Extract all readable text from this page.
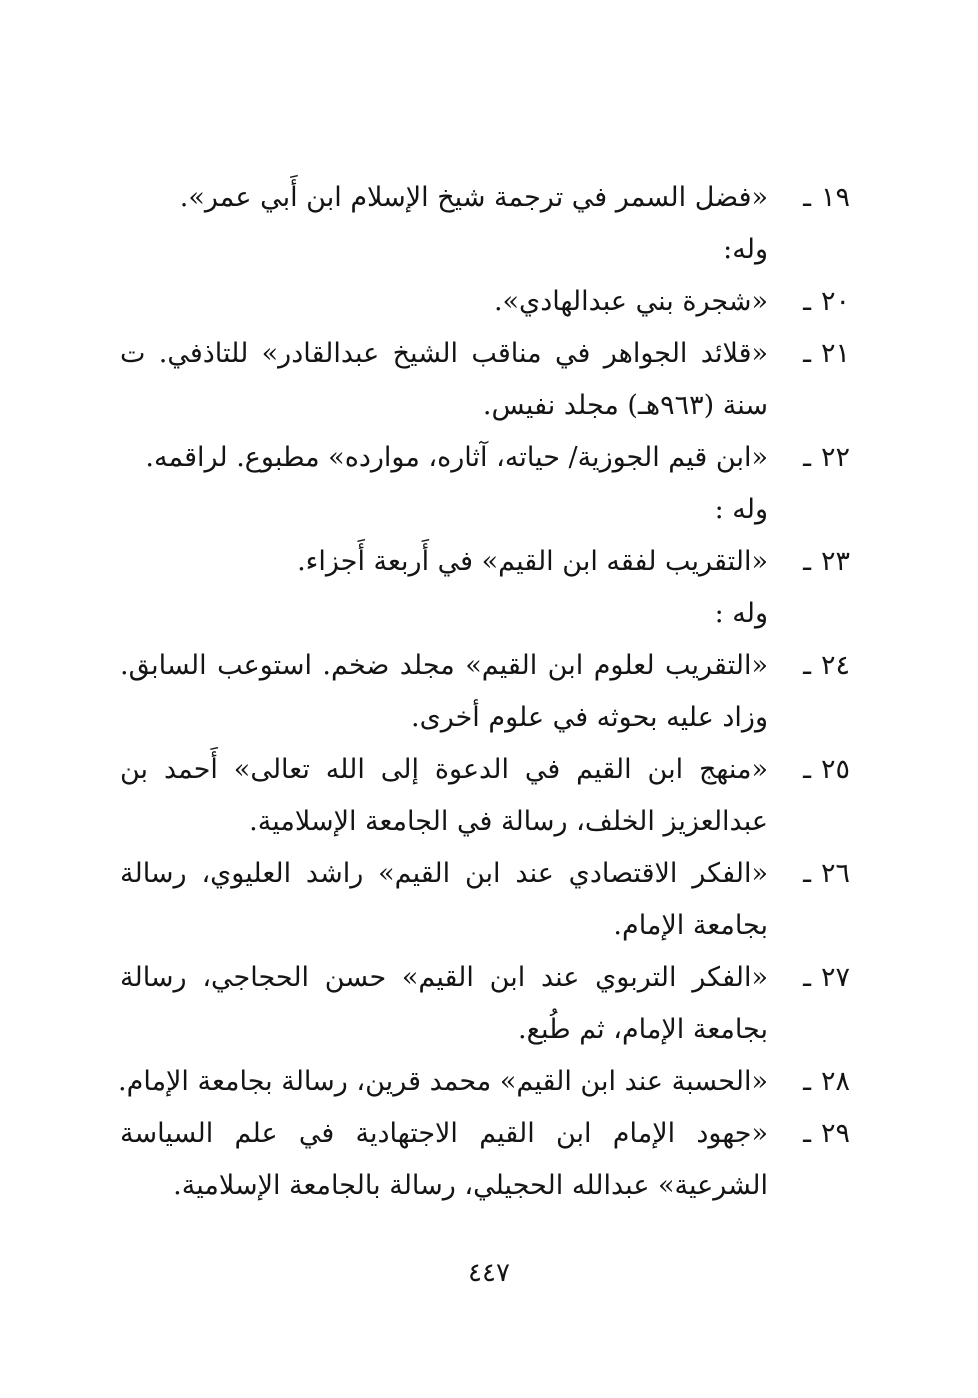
١٩ـ
«فضل السمر في ترجمة شيخ الإسلام ابن أَبي عمر».
وله:
٢٠ـ
«شجرة بني عبدالهادي».
٢١ـ
«قلائد الجواهر في مناقب الشيخ عبدالقادر» للتاذفي. ت سنة (٩٦٣هـ) مجلد نفيس.
٢٢ـ
«ابن قيم الجوزية/ حياته، آثاره، موارده» مطبوع. لراقمه.
وله :
٢٣ـ
«التقريب لفقه ابن القيم» في أَربعة أَجزاء.
وله :
٢٤ـ
«التقريب لعلوم ابن القيم» مجلد ضخم. استوعب السابق. وزاد عليه بحوثه في علوم أخرى.
٢٥ـ
«منهج ابن القيم في الدعوة إلى الله تعالى» أَحمد بن عبدالعزيز الخلف، رسالة في الجامعة الإسلامية.
٢٦ـ
«الفكر الاقتصادي عند ابن القيم» راشد العليوي، رسالة بجامعة الإمام.
٢٧ـ
«الفكر التربوي عند ابن القيم» حسن الحجاجي، رسالة بجامعة الإمام، ثم طُبع.
٢٨ـ
«الحسبة عند ابن القيم» محمد قرين، رسالة بجامعة الإمام.
٢٩ـ
«جهود الإمام ابن القيم الاجتهادية في علم السياسة الشرعية» عبدالله الحجيلي، رسالة بالجامعة الإسلامية.
٤٤٧
